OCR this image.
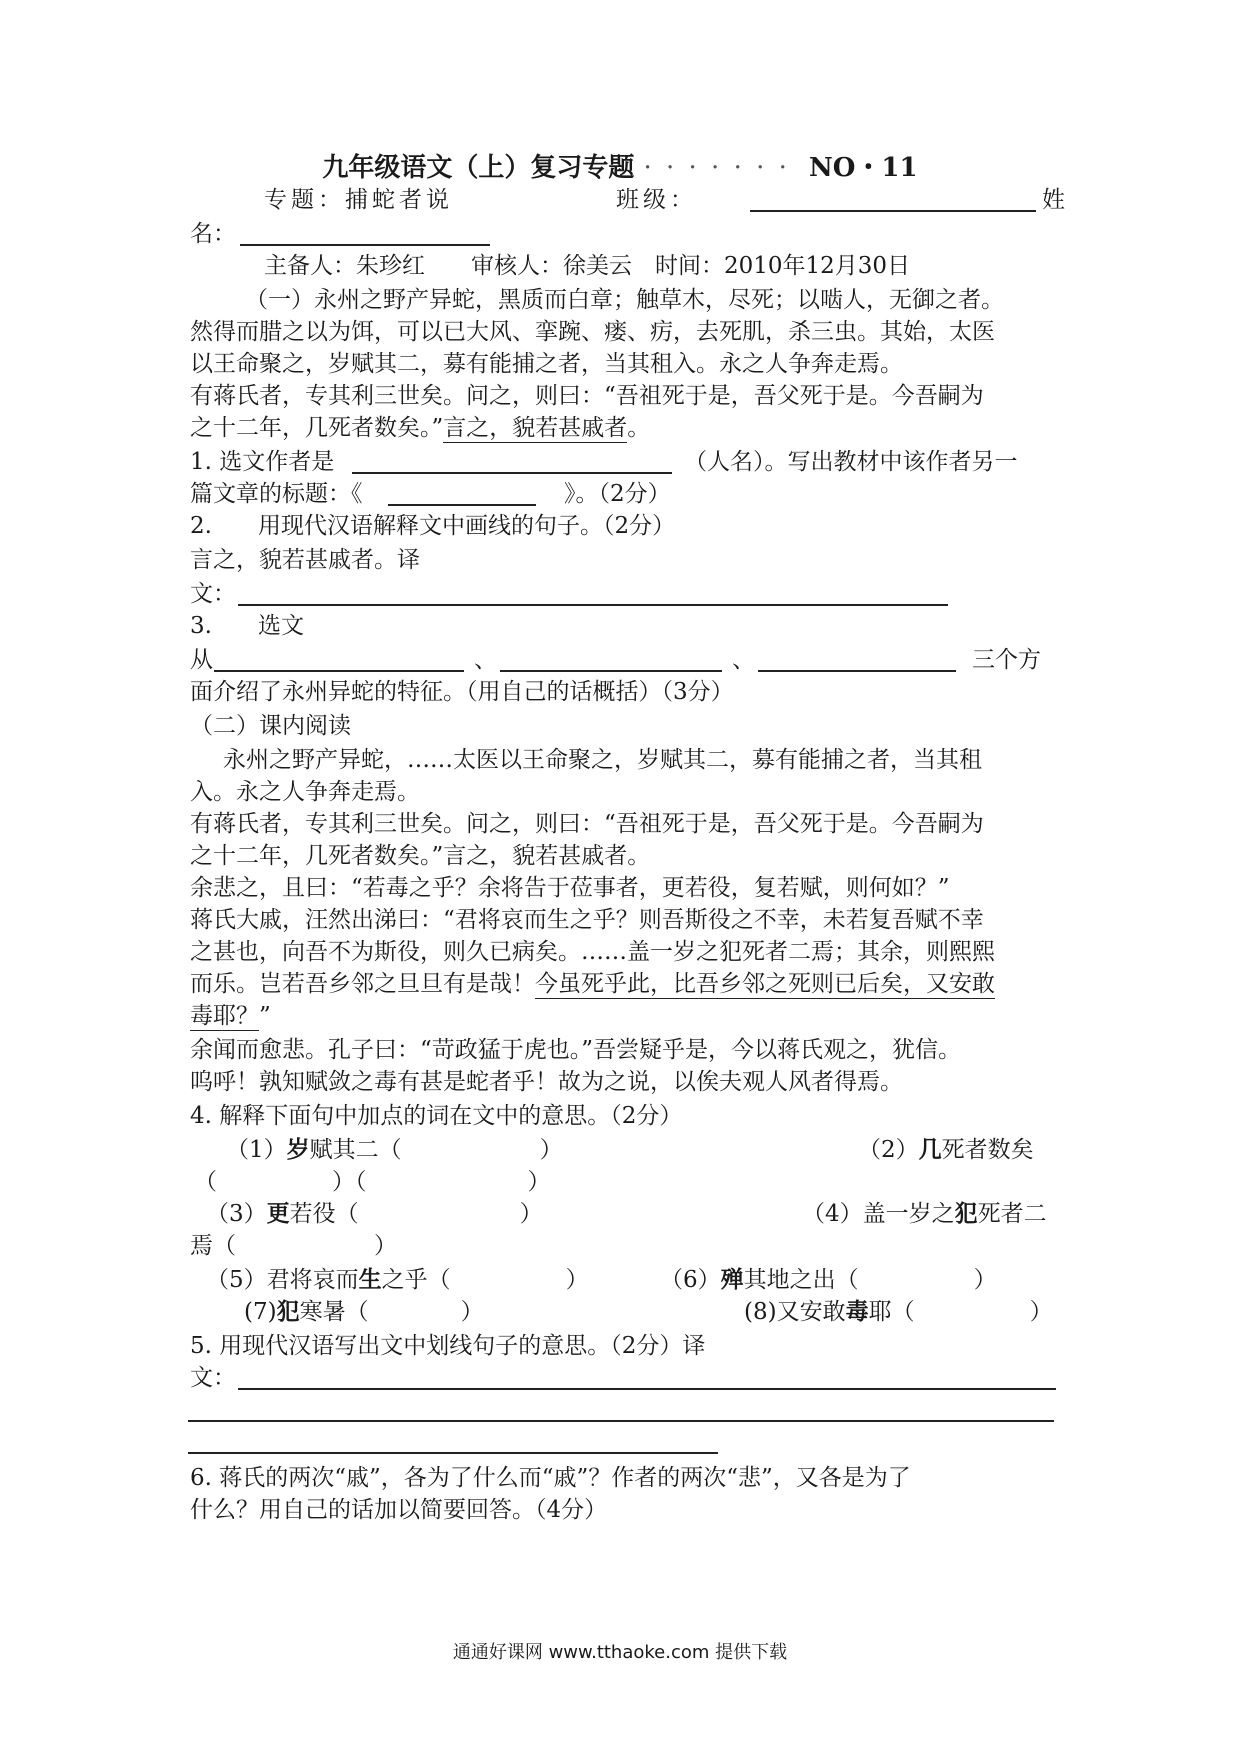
九年级语文（上）复习专题 · · · · · · · NO・11
专题：捕蛇者说	班级：	姓
名：
主备人：朱珍红　　审核人：徐美云　时间：2010年12月30日
（一）永州之野产异蛇，黑质而白章；触草木，尽死；以啮人，无御之者。
然得而腊之以为饵，可以已大风、挛踠、瘘、疠，去死肌，杀三虫。其始，太医
以王命聚之，岁赋其二，募有能捕之者，当其租入。永之人争奔走焉。
有蒋氏者，专其利三世矣。问之，则曰：“吾祖死于是，吾父死于是。今吾嗣为
之十二年，几死者数矣。”言之，貌若甚戚者。
1. 选文作者是	（人名）。写出教材中该作者另一
篇文章的标题：《	》。（2分）
2.　　用现代汉语解释文中画线的句子。（2分）
言之，貌若甚戚者。译
文：
3.　　选文
从	、	、	三个方
面介绍了永州异蛇的特征。（用自己的话概括）（3分）
（二）课内阅读
　永州之野产异蛇，……太医以王命聚之，岁赋其二，募有能捕之者，当其租
入。永之人争奔走焉。
有蒋氏者，专其利三世矣。问之，则曰：“吾祖死于是，吾父死于是。今吾嗣为
之十二年，几死者数矣。”言之，貌若甚戚者。
余悲之，且曰：“若毒之乎？余将告于莅事者，更若役，复若赋，则何如？”
蒋氏大戚，汪然出涕曰：“君将哀而生之乎？则吾斯役之不幸，未若复吾赋不幸
之甚也，向吾不为斯役，则久已病矣。……盖一岁之犯死者二焉；其余，则熙熙
而乐。岂若吾乡邻之旦旦有是哉！今虽死乎此，比吾乡邻之死则已后矣，又安敢
毒耶？”
余闻而愈悲。孔子曰：“苛政猛于虎也。”吾尝疑乎是，今以蒋氏观之，犹信。
呜呼！孰知赋敛之毒有甚是蛇者乎！故为之说，以俟夫观人风者得焉。
4. 解释下面句中加点的词在文中的意思。（2分）
（1）岁赋其二（　　　　　　）	（2）几死者数矣
（　　　　　）（　　　　　　　）
（3）更若役（　　　　　　　）	（4）盖一岁之犯死者二
焉（　　　　　　）
（5）君将哀而生之乎（　　　　　）	（6）殚其地之出（　　　　　）
(7)犯寒暑（　　　　）	(8)又安敢毒耶（　　　　　）
5. 用现代汉语写出文中划线句子的意思。（2分）译
文：
6. 蒋氏的两次“戚”，各为了什么而“戚”？作者的两次“悲”，又各是为了
什么？用自己的话加以简要回答。（4分）
通通好课网 www.tthaoke.com 提供下载
